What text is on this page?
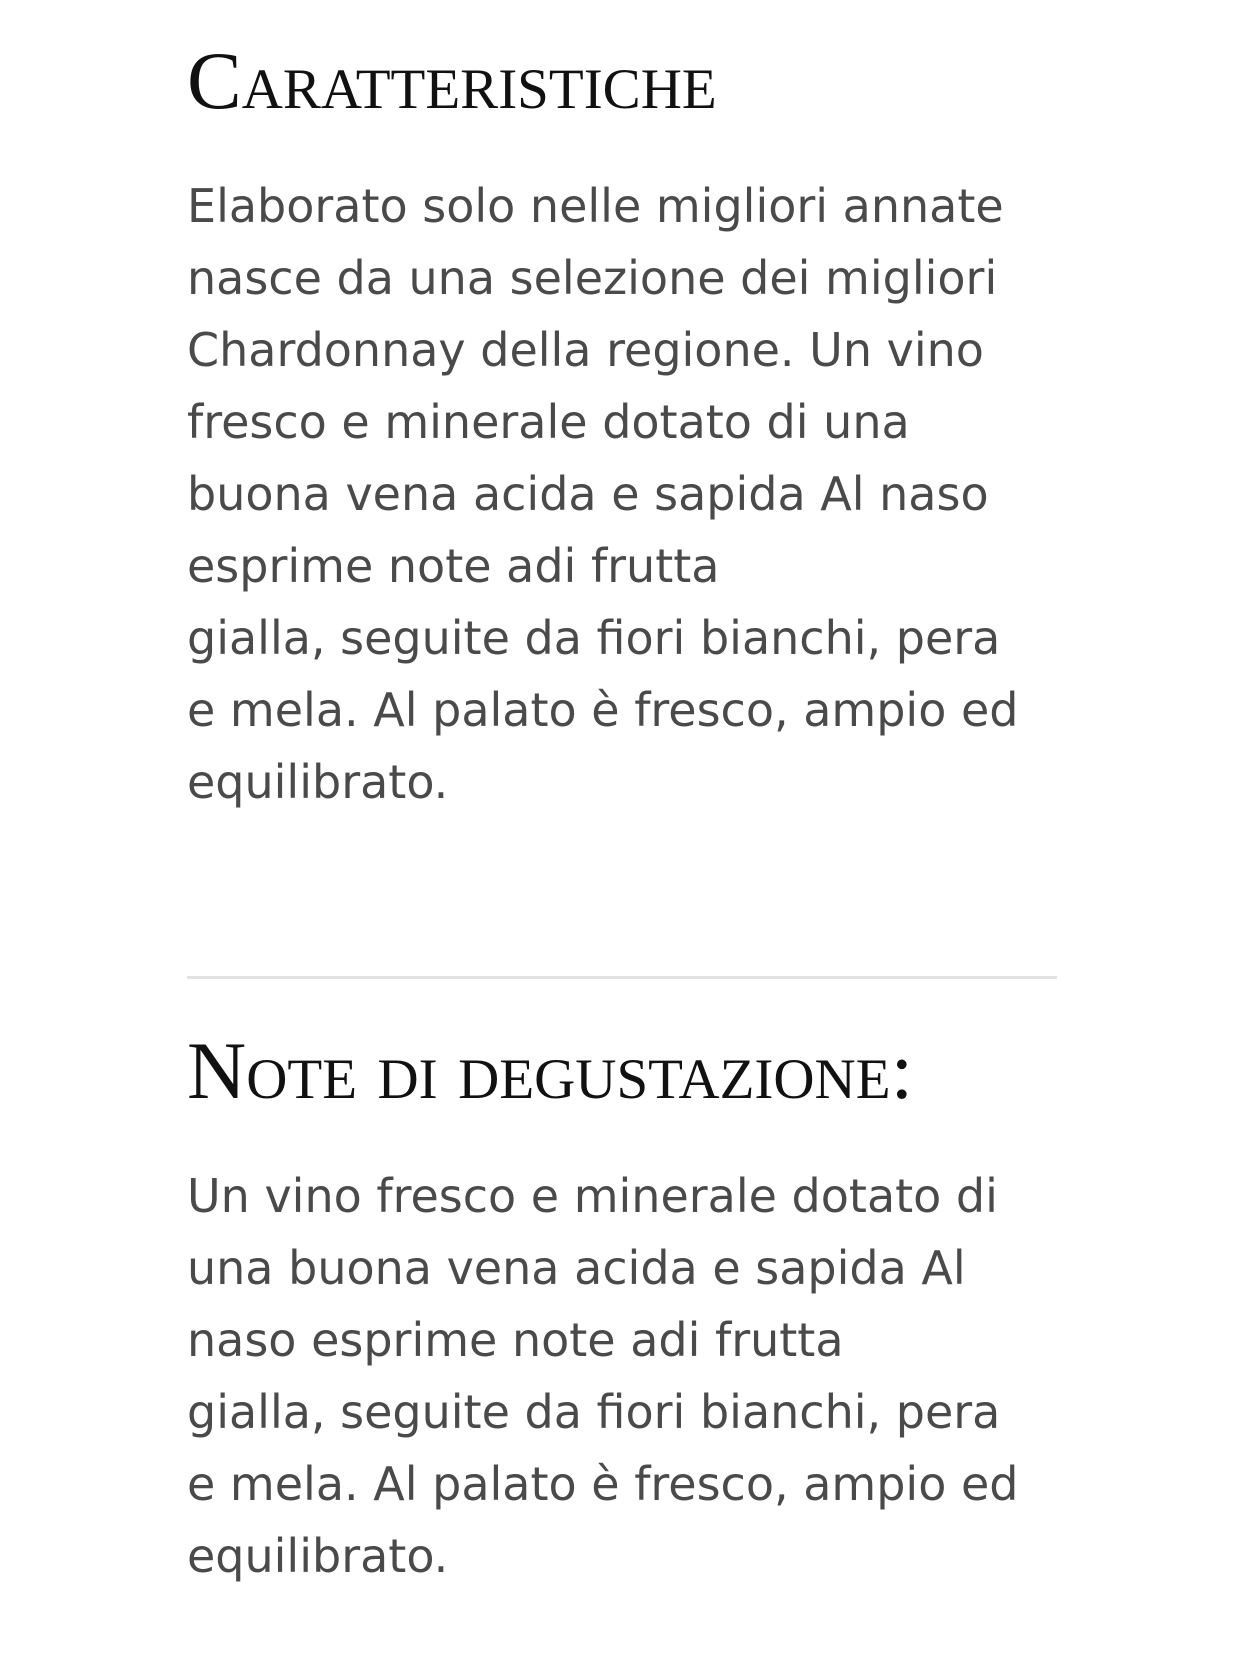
Caratteristiche

Elaborato solo nelle migliori annate
nasce da una selezione dei migliori
Chardonnay della regione. Un vino
fresco e minerale dotato di una
buona vena acida e sapida Al naso
esprime note adi frutta
gialla, seguite da fiori bianchi, pera
e mela. Al palato è fresco, ampio ed
equilibrato.

Note di degustazione:

Un vino fresco e minerale dotato di
una buona vena acida e sapida Al
naso esprime note adi frutta
gialla, seguite da fiori bianchi, pera
e mela. Al palato è fresco, ampio ed
equilibrato.
